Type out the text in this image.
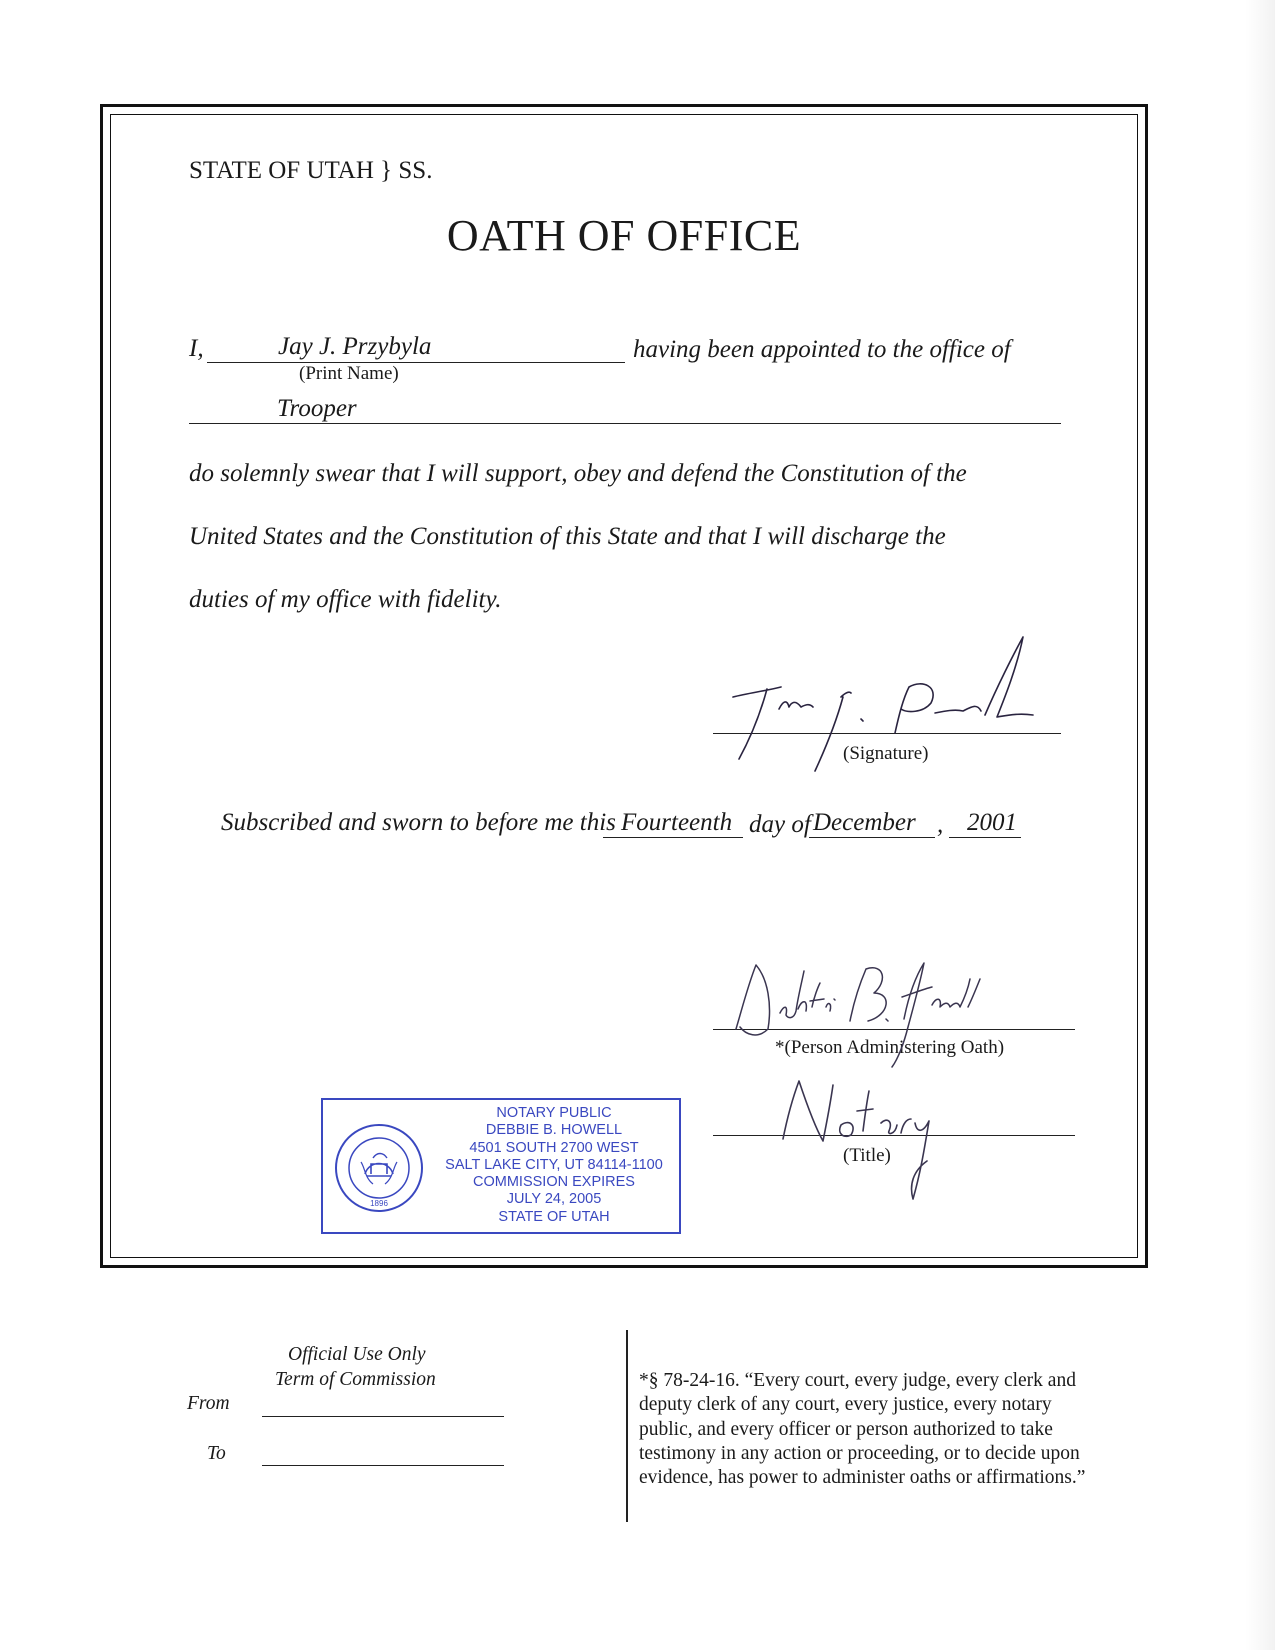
STATE OF UTAH } SS.
OATH OF OFFICE
I,	Jay J. Przybyla
(Print Name)
having been appointed to the office of
Trooper
do solemnly swear that I will support, obey and defend the Constitution of the
United States and the Constitution of this State and that I will discharge the
duties of my office with fidelity.
(Signature)
Subscribed and sworn to before me this Fourteenth day of December , 2001
*(Person Administering Oath)
(Title)
1896
NOTARY PUBLIC
DEBBIE B. HOWELL
4501 SOUTH 2700 WEST
SALT LAKE CITY, UT 84114-1100
COMMISSION EXPIRES
JULY 24, 2005
STATE OF UTAH
Official Use Only
Term of Commission
From
To
*§ 78-24-16. “Every court, every judge, every clerk and deputy clerk of any court, every justice, every notary public, and every officer or person authorized to take testimony in any action or proceeding, or to decide upon evidence, has power to administer oaths or affirmations.”
